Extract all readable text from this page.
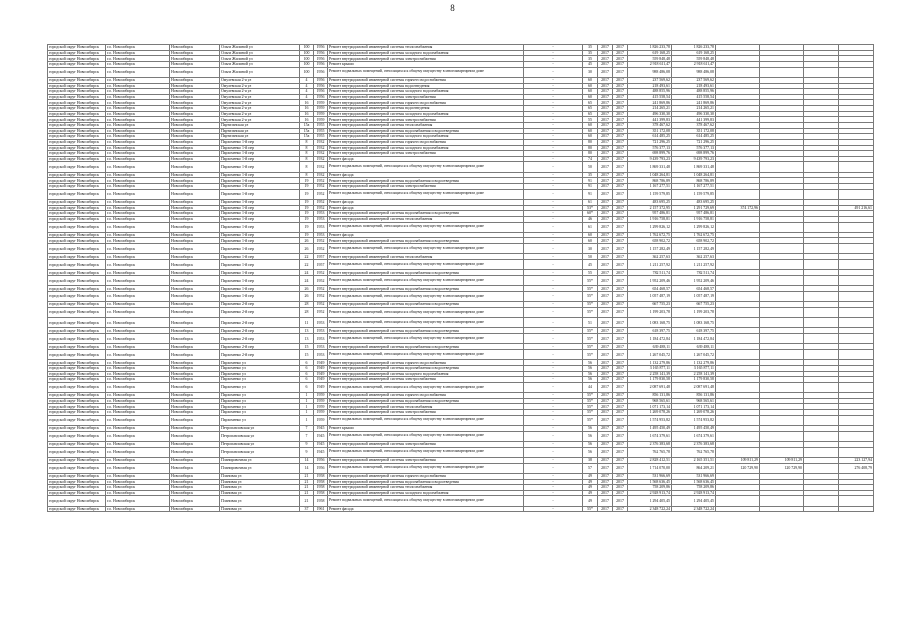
8
городской округ Новосибирск	г.о. Новосибирск	Новосибирск	Ольги Жилиной ул	100	1956	Ремонт внутридомовой инженерной системы теплоснабжения	-	35	2017	2017	1 826 233,78	1 826 233,78				
городской округ Новосибирск	г.о. Новосибирск	Новосибирск	Ольги Жилиной ул	100	1956	Ремонт внутридомовой инженерной системы холодного водоснабжения	-	35	2017	2017	619 168,25	619 168,25				
городской округ Новосибирск	г.о. Новосибирск	Новосибирск	Ольги Жилиной ул	100	1956	Ремонт внутридомовой инженерной системы электроснабжения	-	35	2017	2017	559 848,48	559 848,48				
городской округ Новосибирск	г.о. Новосибирск	Новосибирск	Ольги Жилиной ул	100	1956	Ремонт крыши	-	45	2017	2017	2 918 611,47	2 918 611,47				
городской округ Новосибирск	г.о. Новосибирск	Новосибирск	Ольги Жилиной ул	100	1956	Ремонт подвальных помещений, относящихся к общему имуществу в многоквартирном доме	-	30	2017	2017	988 486,08	988 486,08				
городской округ Новосибирск	г.о. Новосибирск	Новосибирск	Омулевская 2-я ул	4	1956	Ремонт внутридомовой инженерной системы горячего водоснабжения	-	60	2017	2017	237 569,62	237 569,62				
городской округ Новосибирск	г.о. Новосибирск	Новосибирск	Омулевская 2-я ул	4	1956	Ремонт внутридомовой инженерной системы водоотведения	-	60	2017	2017	218 493,61	218 493,61				
городской округ Новосибирск	г.о. Новосибирск	Новосибирск	Омулевская 2-я ул	4	1956	Ремонт внутридомовой инженерной системы холодного водоснабжения	-	60	2017	2017	488 855,96	488 855,96				
городской округ Новосибирск	г.о. Новосибирск	Новосибирск	Омулевская 2-я ул	4	1956	Ремонт внутридомовой инженерной системы электроснабжения	-	60	2017	2017	415 558,54	415 558,54				
городской округ Новосибирск	г.о. Новосибирск	Новосибирск	Омулевская 2-я ул	16	1959	Ремонт внутридомовой инженерной системы горячего водоснабжения	-	65	2017	2017	241 869,86	241 869,86				
городской округ Новосибирск	г.о. Новосибирск	Новосибирск	Омулевская 2-я ул	16	1959	Ремонт внутридомовой инженерной системы водоотведения	-	65	2017	2017	214 265,21	214 265,21				
городской округ Новосибирск	г.о. Новосибирск	Новосибирск	Омулевская 2-я ул	16	1959	Ремонт внутридомовой инженерной системы холодного водоснабжения	-	65	2017	2017	496 330,30	496 330,30				
городской округ Новосибирск	г.о. Новосибирск	Новосибирск	Омулевская 2-я ул	16	1959	Ремонт внутридомовой инженерной системы электроснабжения	-	55	2017	2017	441 399,83	441 399,83				
городской округ Новосибирск	г.о. Новосибирск	Новосибирск	Партизанская ул	15а	1955	Ремонт внутридомовой инженерной системы теплоснабжения	-	60	2017	2017	378 467,62	378 467,62				
городской округ Новосибирск	г.о. Новосибирск	Новосибирск	Партизанская ул	15а	1955	Ремонт внутридомовой инженерной системы водоснабжения и водоотведения	-	60	2017	2017	351 172,08	351 172,08				
городской округ Новосибирск	г.о. Новосибирск	Новосибирск	Партизанская ул	15а	1955	Ремонт внутридомовой инженерной системы холодного водоснабжения	-	60	2017	2017	614 485,25	614 485,25				
городской округ Новосибирск	г.о. Новосибирск	Новосибирск	Пархоменко 1-й пер	8	1932	Ремонт внутридомовой инженерной системы горячего водоснабжения	-	80	2017	2017	721 296,25	721 296,25				
городской округ Новосибирск	г.о. Новосибирск	Новосибирск	Пархоменко 1-й пер	8	1932	Ремонт внутридомовой инженерной системы холодного водоснабжения	-	80	2017	2017	576 377,13	576 377,13				
городской округ Новосибирск	г.о. Новосибирск	Новосибирск	Пархоменко 1-й пер	8	1932	Ремонт внутридомовой инженерной системы электроснабжения	-	80	2017	2017	698 899,76	698 899,76				
городской округ Новосибирск	г.о. Новосибирск	Новосибирск	Пархоменко 1-й пер	8	1932	Ремонт фасада	-	74	2017	2017	9 439 793,23	9 439 793,23				
городской округ Новосибирск	г.о. Новосибирск	Новосибирск	Пархоменко 1-й пер	8	1932	Ремонт подвальных помещений, относящихся к общему имуществу в многоквартирном доме	-	50	2017	2017	1 869 331,48	1 869 331,48				
городской округ Новосибирск	г.о. Новосибирск	Новосибирск	Пархоменко 1-й пер	8	1932	Ремонт фасада	-	35	2017	2017	1 048 264,81	1 048 264,81				
городской округ Новосибирск	г.о. Новосибирск	Новосибирск	Пархоменко 1-й пер	19	1952	Ремонт внутридомовой инженерной системы водоснабжения и водоотведения	-	91	2017	2017	868 786,89	868 786,89				
городской округ Новосибирск	г.о. Новосибирск	Новосибирск	Пархоменко 1-й пер	19	1952	Ремонт внутридомовой инженерной системы электроснабжения	-	91	2017	2017	1 167 277,51	1 167 277,51				
городской округ Новосибирск	г.о. Новосибирск	Новосибирск	Пархоменко 1-й пер	19	1952	Ремонт подвальных помещений, относящихся к общему имуществу в многоквартирном доме	-	91	2017	2017	1 159 579,85	1 159 579,85				
городской округ Новосибирск	г.о. Новосибирск	Новосибирск	Пархоменко 1-й пер	19	1952	Ремонт фасада	-	61	2017	2017	483 695,25	483 695,25				
городской округ Новосибирск	г.о. Новосибирск	Новосибирск	Пархоменко 1-й пер	19	1952	Ремонт фасада	-	53*	2017	2017	2 157 372,95	1 291 729,69	374 172,96			491 216,61
городской округ Новосибирск	г.о. Новосибирск	Новосибирск	Пархоменко 1-й пер	19	1953	Ремонт внутридомовой инженерной системы водоснабжения и водоотведения	-	60*	2017	2017	957 486,81	957 486,81				
городской округ Новосибирск	г.о. Новосибирск	Новосибирск	Пархоменко 1-й пер	19	1953	Ремонт внутридомовой инженерной системы теплоснабжения	-	46	2017	2017	1 916 758,81	1 916 758,81				
городской округ Новосибирск	г.о. Новосибирск	Новосибирск	Пархоменко 1-й пер	19	1953	Ремонт подвальных помещений, относящихся к общему имуществу в многоквартирном доме	-	61	2017	2017	1 299 826,12	1 299 826,12				
городской округ Новосибирск	г.о. Новосибирск	Новосибирск	Пархоменко 1-й пер	19	1953	Ремонт фасада	-	60	2017	2017	1 762 672,75	1 762 672,75				
городской округ Новосибирск	г.о. Новосибирск	Новосибирск	Пархоменко 1-й пер	26	1952	Ремонт внутридомовой инженерной системы водоснабжения и водоотведения	-	60	2017	2017	658 902,72	658 902,72				
городской округ Новосибирск	г.о. Новосибирск	Новосибирск	Пархоменко 1-й пер	26	1952	Ремонт подвальных помещений, относящихся к общему имуществу в многоквартирном доме	-	30	2017	2017	1 157 282,49	1 157 282,49				
городской округ Новосибирск	г.о. Новосибирск	Новосибирск	Пархоменко 1-й пер	22	1957	Ремонт внутридомовой инженерной системы теплоснабжения	-	50	2017	2017	362 257,63	362 257,63				
городской округ Новосибирск	г.о. Новосибирск	Новосибирск	Пархоменко 1-й пер	22	1957	Ремонт подвальных помещений, относящихся к общему имуществу в многоквартирном доме	-	45	2017	2017	1 211 257,92	1 211 257,92				
городской округ Новосибирск	г.о. Новосибирск	Новосибирск	Пархоменко 1-й пер	24	1952	Ремонт внутридомовой инженерной системы водоснабжения и водоотведения	-	55	2017	2017	782 511,74	782 511,74				
городской округ Новосибирск	г.о. Новосибирск	Новосибирск	Пархоменко 1-й пер	24	1952	Ремонт подвальных помещений, относящихся к общему имуществу в многоквартирном доме	-	55*	2017	2017	1 952 209,46	1 952 209,46				
городской округ Новосибирск	г.о. Новосибирск	Новосибирск	Пархоменко 1-й пер	26	1952	Ремонт внутридомовой инженерной системы водоснабжения и водоотведения	-	55*	2017	2017	654 468,57	654 468,57				
городской округ Новосибирск	г.о. Новосибирск	Новосибирск	Пархоменко 1-й пер	26	1952	Ремонт подвальных помещений, относящихся к общему имуществу в многоквартирном доме	-	55*	2017	2017	1 057 487,19	1 057 487,19				
городской округ Новосибирск	г.о. Новосибирск	Новосибирск	Пархоменко 2-й пер	28	1952	Ремонт внутридомовой инженерной системы водоснабжения и водоотведения	-	55*	2017	2017	667 755,23	667 755,23				
городской округ Новосибирск	г.о. Новосибирск	Новосибирск	Пархоменко 2-й пер	28	1952	Ремонт подвальных помещений, относящихся к общему имуществу в многоквартирном доме	-	55*	2017	2017	1 199 203,78	1 199 203,78				
городской округ Новосибирск	г.о. Новосибирск	Новосибирск	Пархоменко 2-й пер	11	1953	Ремонт подвальных помещений, относящихся к общему имуществу в многоквартирном доме	-	51	2017	2017	1 083 168,75	1 083 168,75				
городской округ Новосибирск	г.о. Новосибирск	Новосибирск	Пархоменко 2-й пер	13	1953	Ремонт внутридомовой инженерной системы водоснабжения и водоотведения	-	55*	2017	2017	618 397,75	618 397,75				
городской округ Новосибирск	г.о. Новосибирск	Новосибирск	Пархоменко 2-й пер	13	1953	Ремонт подвальных помещений, относящихся к общему имуществу в многоквартирном доме	-	55*	2017	2017	1 184 472,84	1 184 472,84				
городской округ Новосибирск	г.о. Новосибирск	Новосибирск	Пархоменко 2-й пер	15	1953	Ремонт внутридомовой инженерной системы водоснабжения и водоотведения	-	55*	2017	2017	639 488,11	639 488,11				
городской округ Новосибирск	г.о. Новосибирск	Новосибирск	Пархоменко 2-й пер	15	1953	Ремонт подвальных помещений, относящихся к общему имуществу в многоквартирном доме	-	55*	2017	2017	1 267 045,72	1 267 045,72				
городской округ Новосибирск	г.о. Новосибирск	Новосибирск	Пархоменко ул	6	1949	Ремонт внутридомовой инженерной системы горячего водоснабжения	-	56	2017	2017	1 132 279,86	1 132 279,86				
городской округ Новосибирск	г.о. Новосибирск	Новосибирск	Пархоменко ул	6	1949	Ремонт внутридомовой инженерной системы водоснабжения и водоотведения	-	56	2017	2017	3 165 877,11	3 165 877,11				
городской округ Новосибирск	г.о. Новосибирск	Новосибирск	Пархоменко ул	6	1949	Ремонт внутридомовой инженерной системы холодного водоснабжения	-	56	2017	2017	2 258 141,39	2 258 141,39				
городской округ Новосибирск	г.о. Новосибирск	Новосибирск	Пархоменко ул	6	1949	Ремонт внутридомовой инженерной системы электроснабжения	-	56	2017	2017	1 179 830,58	1 179 830,58				
городской округ Новосибирск	г.о. Новосибирск	Новосибирск	Пархоменко ул	6	1949	Ремонт подвальных помещений, относящихся к общему имуществу в многоквартирном доме	-	44	2017	2017	2 087 691,48	2 087 691,48				
городской округ Новосибирск	г.о. Новосибирск	Новосибирск	Пархоменко ул	1	1959	Ремонт внутридомовой инженерной системы горячего водоснабжения	-	55*	2017	2017	856 131,86	856 131,86				
городской округ Новосибирск	г.о. Новосибирск	Новосибирск	Пархоменко ул	1	1959	Ремонт внутридомовой инженерной системы водоснабжения и водоотведения	-	55*	2017	2017	968 565,61	968 565,61				
городской округ Новосибирск	г.о. Новосибирск	Новосибирск	Пархоменко ул	1	1959	Ремонт внутридомовой инженерной системы теплоснабжения	-	55*	2017	2017	1 071 173,14	1 071 173,14				
городской округ Новосибирск	г.о. Новосибирск	Новосибирск	Пархоменко ул	1	1959	Ремонт внутридомовой инженерной системы электроснабжения	-	55*	2017	2017	1 269 078,26	1 269 078,26				
городской округ Новосибирск	г.о. Новосибирск	Новосибирск	Пархоменко ул	1	1959	Ремонт подвальных помещений, относящихся к общему имуществу в многоквартирном доме	-	55*	2017	2017	1 574 953,82	1 574 953,82				
городской округ Новосибирск	г.о. Новосибирск	Новосибирск	Петропавловская ул	7	1945	Ремонт крыши	-	56	2017	2017	1 495 450,49	1 495 450,49				
городской округ Новосибирск	г.о. Новосибирск	Новосибирск	Петропавловская ул	7	1945	Ремонт подвальных помещений, относящихся к общему имуществу в многоквартирном доме	-	56	2017	2017	1 674 379,61	1 674 379,61				
городской округ Новосибирск	г.о. Новосибирск	Новосибирск	Петропавловская ул	9	1945	Ремонт внутридомовой инженерной системы электроснабжения	-	56	2017	2017	2 376 383,68	2 376 383,68				
городской округ Новосибирск	г.о. Новосибирск	Новосибирск	Петропавловская ул	9	1945	Ремонт подвальных помещений, относящихся к общему имуществу в многоквартирном доме	-	56	2017	2017	762 765,78	762 765,78				
городской округ Новосибирск	г.о. Новосибирск	Новосибирск	Планировочная ул	14	1956	Ремонт внутридомовой инженерной системы электроснабжения	-	38	2017	2017	2 828 412,51	2 165 351,51	109 811,29	109 811,29		223 127,94
городской округ Новосибирск	г.о. Новосибирск	Новосибирск	Планировочная ул	14	1956	Ремонт подвальных помещений, относящихся к общему имуществу в многоквартирном доме	-	57	2017	2017	1 714 070,00	864 209,21	120 729,90	120 729,90		276 408,79
городской округ Новосибирск	г.о. Новосибирск	Новосибирск	Плановая ул	21	1958	Ремонт внутридомовой инженерной системы горячего водоснабжения	-	49	2017	2017	531 966,69	531 966,69				
городской округ Новосибирск	г.о. Новосибирск	Новосибирск	Плановая ул	21	1958	Ремонт внутридомовой инженерной системы водоснабжения и водоотведения	-	49	2017	2017	1 568 636,45	1 568 636,45				
городской округ Новосибирск	г.о. Новосибирск	Новосибирск	Плановая ул	21	1958	Ремонт внутридомовой инженерной системы теплоснабжения	-	49	2017	2017	758 209,86	758 209,86				
городской округ Новосибирск	г.о. Новосибирск	Новосибирск	Плановая ул	21	1958	Ремонт внутридомовой инженерной системы холодного водоснабжения	-	49	2017	2017	2 928 913,74	2 928 913,74				
городской округ Новосибирск	г.о. Новосибирск	Новосибирск	Плановая ул	21	1958	Ремонт подвальных помещений, относящихся к общему имуществу в многоквартирном доме	-	49	2017	2017	1 294 405,45	1 294 405,45				
городской округ Новосибирск	г.о. Новосибирск	Новосибирск	Плановая ул	37	1961	Ремонт фасада	-	55*	2017	2017	2 348 722,24	2 348 722,24				
